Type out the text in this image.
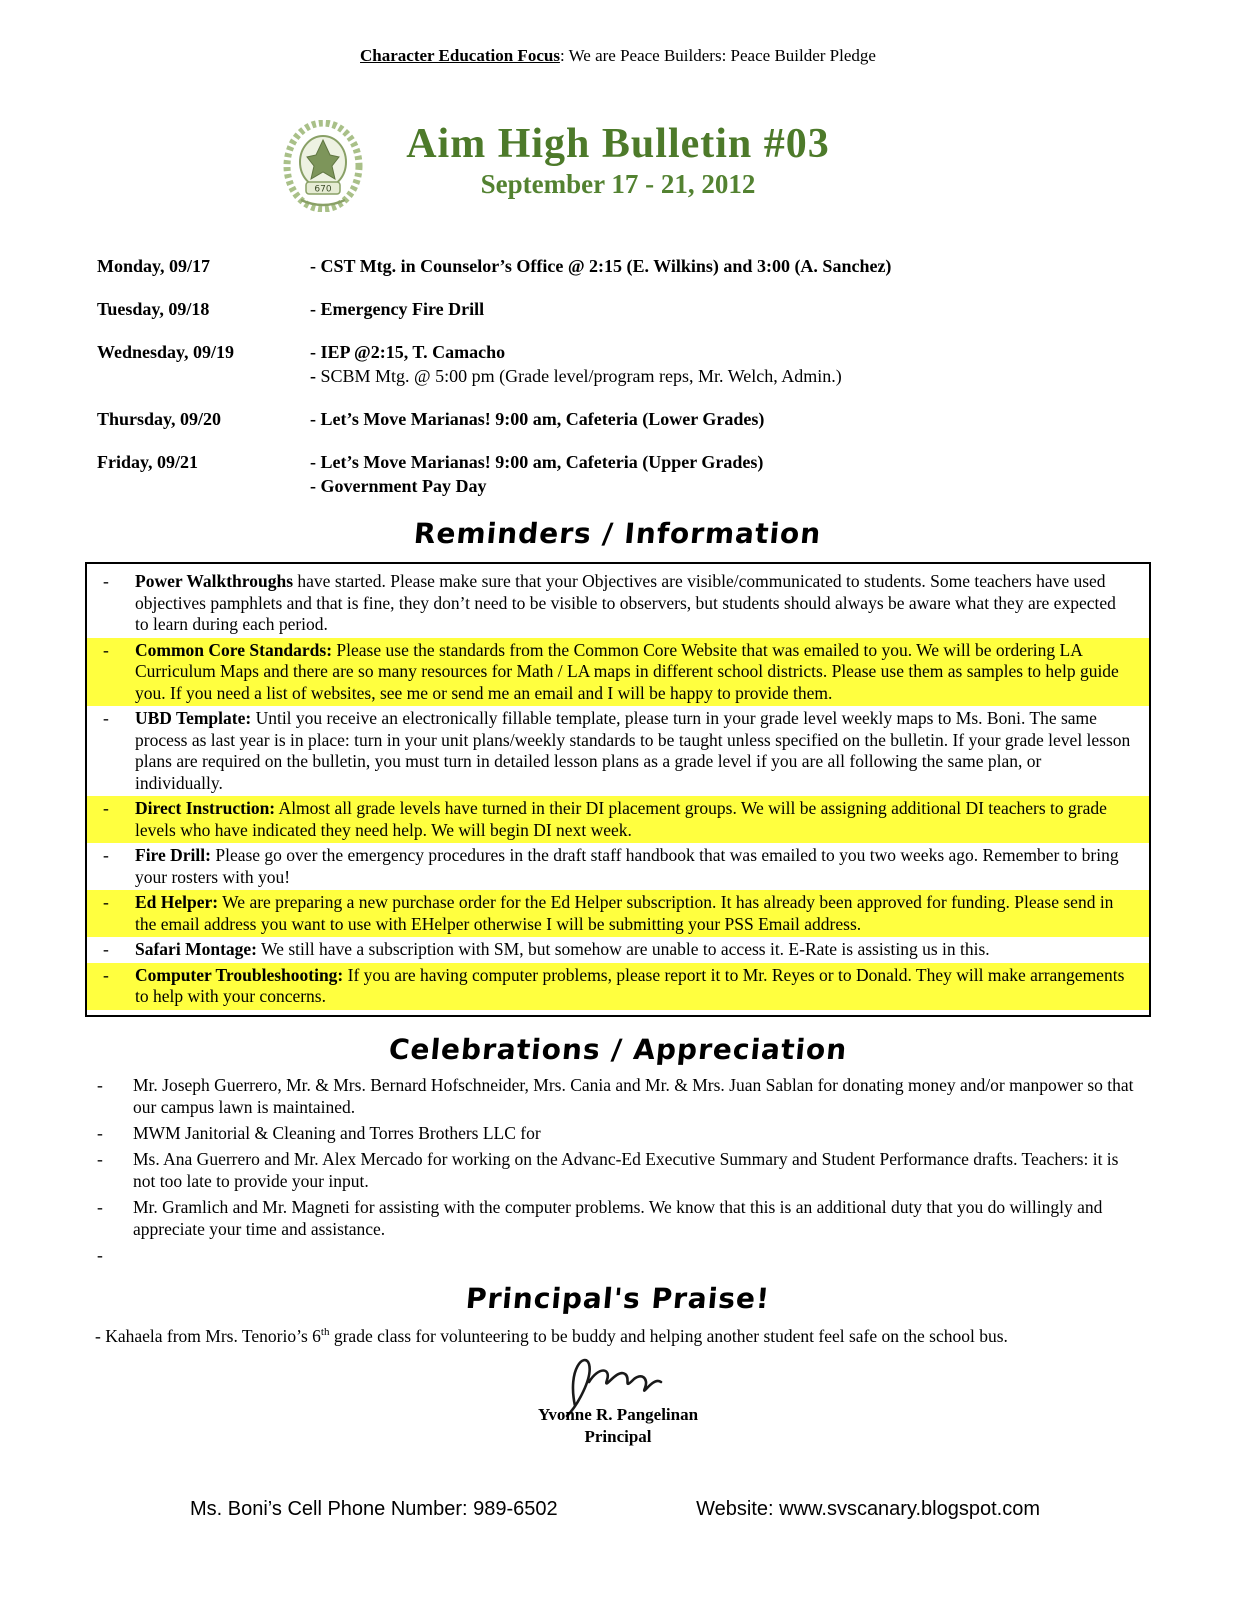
Character Education Focus: We are Peace Builders: Peace Builder Pledge
670
Aim High Bulletin #03
September 17 - 21, 2012
Monday, 09/17	- CST Mtg. in Counselor’s Office @ 2:15 (E. Wilkins) and 3:00 (A. Sanchez)
Tuesday, 09/18	- Emergency Fire Drill
Wednesday, 09/19	- IEP @2:15, T. Camacho
- SCBM Mtg. @ 5:00 pm (Grade level/program reps, Mr. Welch, Admin.)
Thursday, 09/20	- Let’s Move Marianas! 9:00 am, Cafeteria (Lower Grades)
Friday, 09/21	- Let’s Move Marianas! 9:00 am, Cafeteria (Upper Grades)
- Government Pay Day
Reminders / Information
-	Power Walkthroughs have started. Please make sure that your Objectives are visible/communicated to students. Some teachers have used objectives pamphlets and that is fine, they don’t need to be visible to observers, but students should always be aware what they are expected to learn during each period.
-	Common Core Standards: Please use the standards from the Common Core Website that was emailed to you. We will be ordering LA Curriculum Maps and there are so many resources for Math / LA maps in different school districts. Please use them as samples to help guide you. If you need a list of websites, see me or send me an email and I will be happy to provide them.
-	UBD Template: Until you receive an electronically fillable template, please turn in your grade level weekly maps to Ms. Boni. The same process as last year is in place: turn in your unit plans/weekly standards to be taught unless specified on the bulletin. If your grade level lesson plans are required on the bulletin, you must turn in detailed lesson plans as a grade level if you are all following the same plan, or individually.
-	Direct Instruction: Almost all grade levels have turned in their DI placement groups. We will be assigning additional DI teachers to grade levels who have indicated they need help. We will begin DI next week.
-	Fire Drill: Please go over the emergency procedures in the draft staff handbook that was emailed to you two weeks ago. Remember to bring your rosters with you!
-	Ed Helper: We are preparing a new purchase order for the Ed Helper subscription. It has already been approved for funding. Please send in the email address you want to use with EHelper otherwise I will be submitting your PSS Email address.
-	Safari Montage: We still have a subscription with SM, but somehow are unable to access it. E-Rate is assisting us in this.
-	Computer Troubleshooting: If you are having computer problems, please report it to Mr. Reyes or to Donald. They will make arrangements to help with your concerns.
Celebrations / Appreciation
-	Mr. Joseph Guerrero, Mr. & Mrs. Bernard Hofschneider, Mrs. Cania and Mr. & Mrs. Juan Sablan for donating money and/or manpower so that our campus lawn is maintained.
-	MWM Janitorial & Cleaning and Torres Brothers LLC for
-	Ms. Ana Guerrero and Mr. Alex Mercado for working on the Advanc-Ed Executive Summary and Student Performance drafts. Teachers: it is not too late to provide your input.
-	Mr. Gramlich and Mr. Magneti for assisting with the computer problems. We know that this is an additional duty that you do willingly and appreciate your time and assistance.
-
Principal's Praise!
- Kahaela from Mrs. Tenorio’s 6th grade class for volunteering to be buddy and helping another student feel safe on the school bus.
Yvonne R. Pangelinan
Principal
Ms. Boni’s Cell Phone Number: 989-6502	Website: www.svscanary.blogspot.com
